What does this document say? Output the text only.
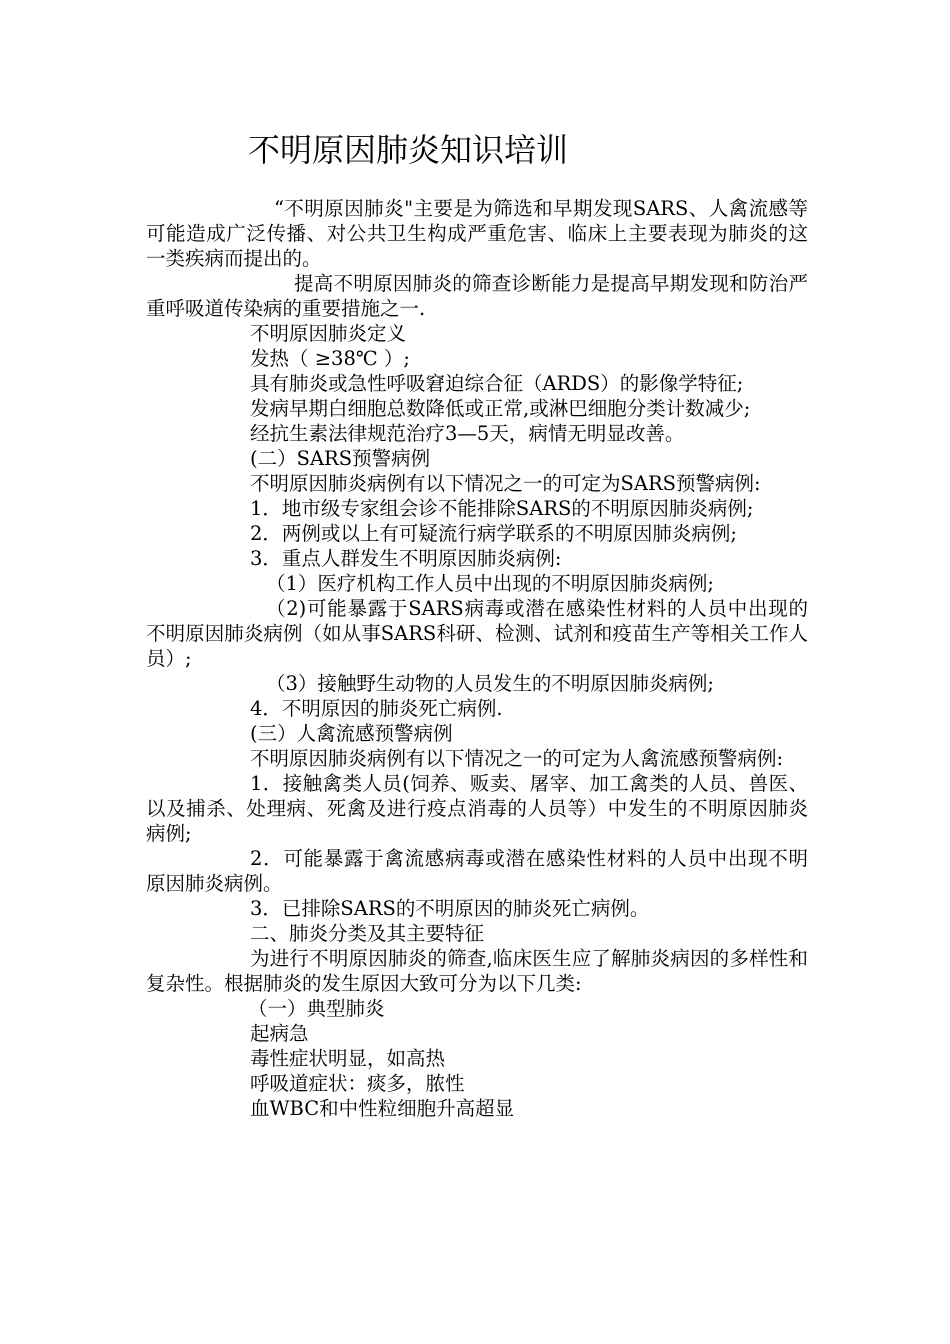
不明原因肺炎知识培训

“不明原因肺炎"主要是为筛选和早期发现SARS、人禽流感等可能造成广泛传播、对公共卫生构成严重危害、临床上主要表现为肺炎的这一类疾病而提出的。

提高不明原因肺炎的筛查诊断能力是提高早期发现和防治严重呼吸道传染病的重要措施之一.

不明原因肺炎定义

发热（ ≥38℃ ）;

具有肺炎或急性呼吸窘迫综合征（ARDS）的影像学特征;

发病早期白细胞总数降低或正常,或淋巴细胞分类计数减少;

经抗生素法律规范治疗3—5天，病情无明显改善。

(二）SARS预警病例

不明原因肺炎病例有以下情况之一的可定为SARS预警病例:

1．地市级专家组会诊不能排除SARS的不明原因肺炎病例;

2．两例或以上有可疑流行病学联系的不明原因肺炎病例;

3．重点人群发生不明原因肺炎病例:

（1）医疗机构工作人员中出现的不明原因肺炎病例;

（2)可能暴露于SARS病毒或潜在感染性材料的人员中出现的不明原因肺炎病例（如从事SARS科研、检测、试剂和疫苗生产等相关工作人员）;

（3）接触野生动物的人员发生的不明原因肺炎病例;

4．不明原因的肺炎死亡病例.

(三）人禽流感预警病例

不明原因肺炎病例有以下情况之一的可定为人禽流感预警病例:

1．接触禽类人员(饲养、贩卖、屠宰、加工禽类的人员、兽医、以及捕杀、处理病、死禽及进行疫点消毒的人员等）中发生的不明原因肺炎病例;

2．可能暴露于禽流感病毒或潜在感染性材料的人员中出现不明原因肺炎病例。

3．已排除SARS的不明原因的肺炎死亡病例。

二、肺炎分类及其主要特征

为进行不明原因肺炎的筛查,临床医生应了解肺炎病因的多样性和复杂性。根据肺炎的发生原因大致可分为以下几类:

（一）典型肺炎

起病急

毒性症状明显，如高热

呼吸道症状：痰多，脓性

血WBC和中性粒细胞升高超显
